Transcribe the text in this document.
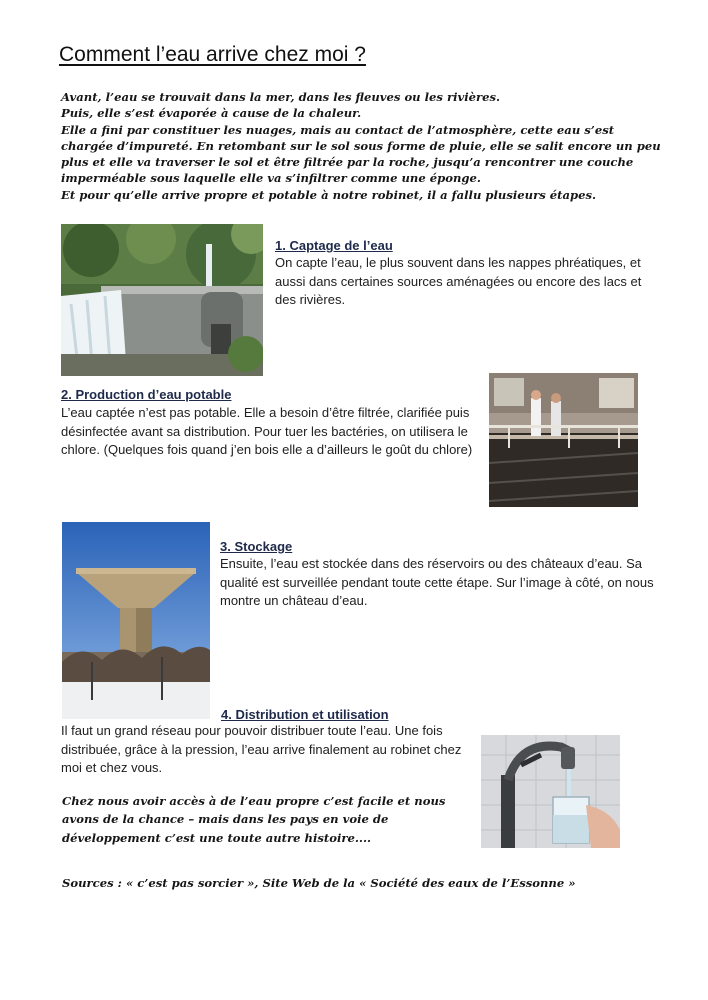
Comment l’eau arrive chez moi ?

Avant, l’eau se trouvait dans la mer, dans les fleuves ou les rivières.

Puis, elle s’est évaporée à cause de la chaleur.

Elle a fini par constituer les nuages, mais au contact de l’atmosphère, cette eau s’est chargée d’impureté. En retombant sur le sol sous forme de pluie, elle se salit encore un peu plus et elle va traverser le sol et être filtrée par la roche, jusqu’a rencontrer une couche imperméable sous laquelle elle va s’infiltrer comme une éponge.

Et pour qu’elle arrive propre et potable à notre robinet, il a fallu plusieurs étapes.

1. Captage de l’eau

On capte l’eau, le plus souvent dans les nappes phréatiques, et aussi dans certaines sources aménagées ou encore des lacs et des rivières.

2. Production d’eau potable

L’eau captée n’est pas potable. Elle a besoin d’être filtrée, clarifiée puis désinfectée avant sa distribution. Pour tuer les bactéries, on utilisera le chlore. (Quelques fois quand j’en bois elle a d’ailleurs le goût du chlore)

3. Stockage

Ensuite, l’eau est stockée dans des réservoirs ou des châteaux d’eau. Sa qualité est surveillée pendant toute cette étape. Sur l’image à côté, on nous montre un château d’eau.

4. Distribution et utilisation

Il faut un grand réseau pour pouvoir distribuer toute l’eau. Une fois distribuée, grâce à la pression, l’eau arrive finalement au robinet chez moi et chez vous.

Chez nous avoir accès à de l’eau propre c’est facile et nous avons de la chance – mais dans les pays en voie de développement c’est une toute autre histoire....

Sources : « c’est pas sorcier », Site Web de la « Société des eaux de l’Essonne »
